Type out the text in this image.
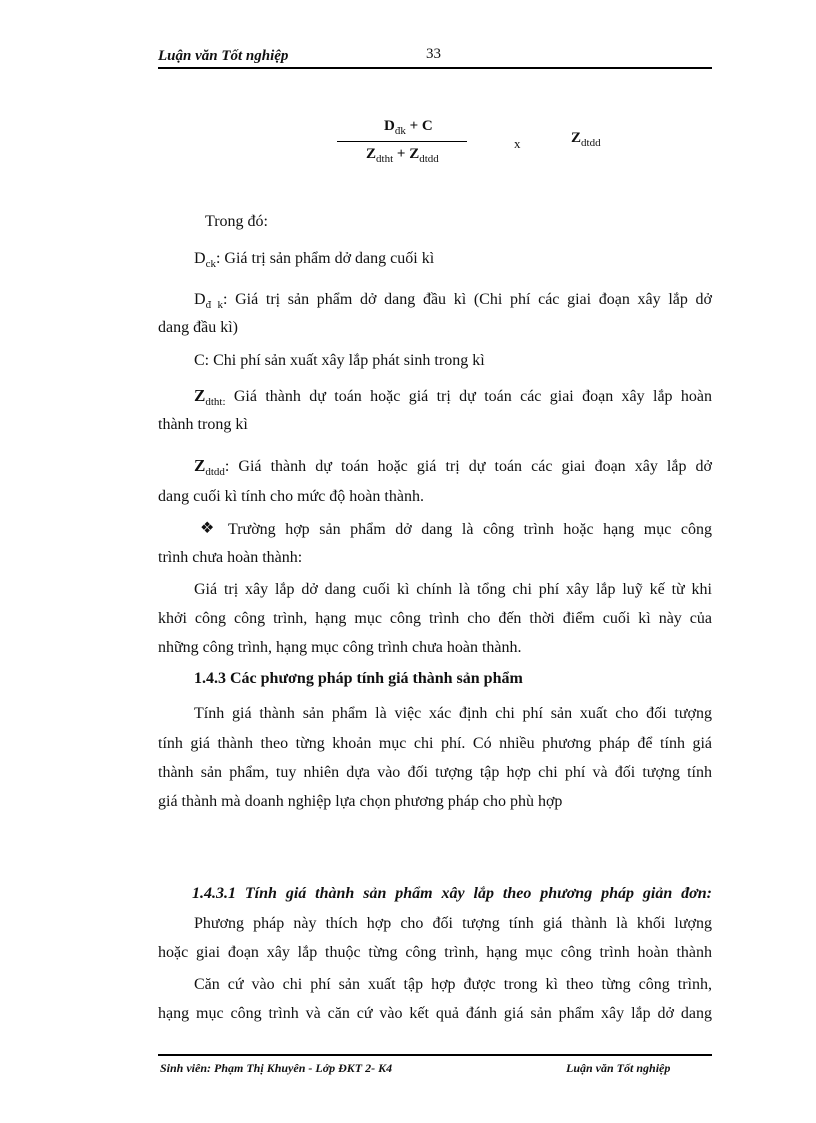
Luận văn Tốt nghiệp	33
$D_{đk} + C$
$Z_{dtht} + Z_{dtdd}$
x	$Z_{dtdd}$
Trong đó:
$D_{ck}$: Giá trị sản phẩm dở dang cuối kì
$D_{đ k}$: Giá trị sản phẩm dở dang đầu kì (Chi phí các giai đoạn xây lắp dở
dang đầu kì)
C: Chi phí sản xuất xây lắp phát sinh trong kì
$Z_{dtht:}$ Giá thành dự toán hoặc giá trị dự toán các giai đoạn xây lắp hoàn
thành trong kì
$Z_{dtdd}$: Giá thành dự toán hoặc giá trị dự toán các giai đoạn xây lắp dở
dang cuối kì tính cho mức độ hoàn thành.
❖ Trường hợp sản phẩm dở dang là công trình hoặc hạng mục công
trình chưa hoàn thành:
Giá trị xây lắp dở dang cuối kì chính là tổng chi phí xây lắp luỹ kế từ khi
khởi công công trình, hạng mục công trình cho đến thời điểm cuối kì này của
những công trình, hạng mục công trình chưa hoàn thành.
1.4.3 Các phương pháp tính giá thành sản phẩm
Tính giá thành sản phẩm là việc xác định chi phí sản xuất cho đối tượng
tính giá thành theo từng khoản mục chi phí. Có nhiều phương pháp để tính giá
thành sản phẩm, tuy nhiên dựa vào đối tượng tập hợp chi phí và đối tượng tính
giá thành mà doanh nghiệp lựa chọn phương pháp cho phù hợp
1.4.3.1 Tính giá thành sản phẩm xây lắp theo phương pháp giản đơn:
Phương pháp này thích hợp cho đối tượng tính giá thành là khối lượng
hoặc giai đoạn xây lắp thuộc từng công trình, hạng mục công trình hoàn thành
Căn cứ vào chi phí sản xuất tập hợp được trong kì theo từng công trình,
hạng mục công trình và căn cứ vào kết quả đánh giá sản phẩm xây lắp dở dang
Sinh viên: Phạm Thị Khuyên - Lớp ĐKT 2- K4	Luận văn Tốt nghiệp
